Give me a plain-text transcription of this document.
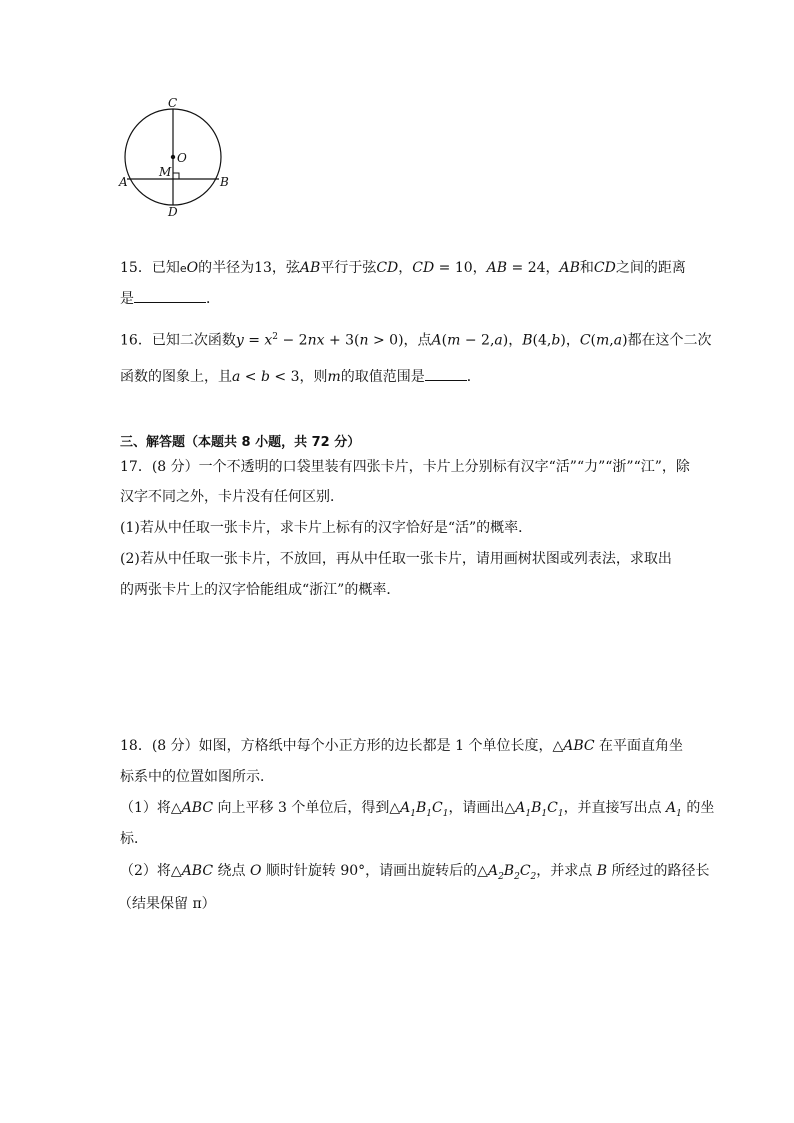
C
O
M
A	B
D
15．已知eO的半径为13，弦AB平行于弦CD，CD = 10，AB = 24，AB和CD之间的距离
是	．
16．已知二次函数$y = x^2 - 2nx + 3(n > 0)$，点A(m − 2,a)，B(4,b)，C(m,a)都在这个二次
函数的图象上，且a < b < 3，则m的取值范围是	．
三、解答题（本题共 8 小题，共 72 分）
17．(8 分）一个不透明的口袋里装有四张卡片，卡片上分别标有汉字“活”“力”“浙”“江”，除
汉字不同之外，卡片没有任何区别．
(1)若从中任取一张卡片，求卡片上标有的汉字恰好是“活”的概率．
(2)若从中任取一张卡片，不放回，再从中任取一张卡片，请用画树状图或列表法，求取出
的两张卡片上的汉字恰能组成“浙江”的概率．
18．(8 分）如图，方格纸中每个小正方形的边长都是 1 个单位长度，△ABC 在平面直角坐
标系中的位置如图所示．
（1）将△ABC 向上平移 3 个单位后，得到$\triangle A_1B_1C_1$，请画出$\triangle A_1B_1C_1$，并直接写出点 $A_1$ 的坐
标．
（2）将△ABC 绕点 O 顺时针旋转 90°，请画出旋转后的$\triangle A_2B_2C_2$，并求点 B 所经过的路径长
（结果保留 π）
